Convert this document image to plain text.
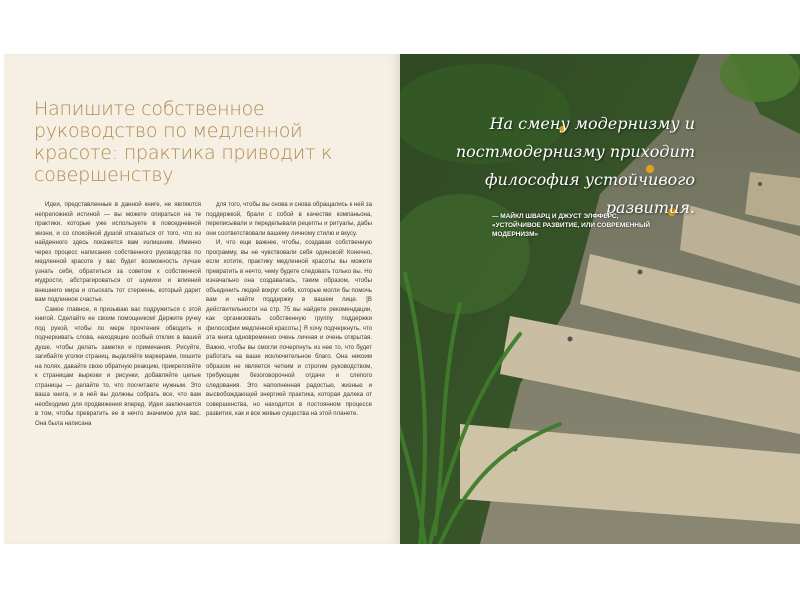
Напишите собственное руководство по медленной красоте: практика приводит к совершенству

Идеи, представленные в данной книге, не являются непреложной истиной — вы можете опираться на те практики, которые уже используете в повседневной жизни, и со спокойной душой отказаться от того, что из найденного здесь покажется вам излишним. Именно через процесс написания собственного руководства по медленной красоте у вас будет возможность лучше узнать себя, обратиться за советом к собственной мудрости, абстрагироваться от шумихи и влияний внешнего мира и отыскать тот стержень, который дарит вам подлинное счастье.

Самое главное, я призываю вас подружиться с этой книгой. Сделайте ее своим помощником! Держите ручку под рукой, чтобы по мере прочтения обводить и подчеркивать слова, находящие особый отклик в вашей душе, чтобы делать заметки и примечания. Рисуйте, загибайте уголки страниц, выделяйте маркерами, пишите на полях, давайте свою обратную реакцию, прикрепляйте к страницам вырезки и рисунки, добавляйте целые страницы — делайте то, что посчитаете нужным. Это ваша книга, и в ней вы должны собрать все, что вам необходимо для продвижения вперед. Идея заключается в том, чтобы превратить ее в нечто значимое для вас. Она была написана

для того, чтобы вы снова и снова обращались к ней за поддержкой, брали с собой в качестве компаньона, переписывали и переделывали рецепты и ритуалы, дабы они соответствовали вашему личному стилю и вкусу.

И, что еще важнее, чтобы, создавая собственную программу, вы не чувствовали себя одинокой! Конечно, если хотите, практику медленной красоты вы можете превратить в нечто, чему будете следовать только вы. Но изначально она создавалась, таким образом, чтобы объединить людей вокруг себя, которые могли бы помочь вам и найти поддержку в вашем лице. [В действительности на стр. 75 вы найдете рекомендации, как организовать собственную группу поддержки философии медленной красоты.] Я хочу подчеркнуть, что эта книга одновременно очень личная и очень открытая. Важно, чтобы вы смогли почерпнуть из нее то, что будет работать на ваше исключительное благо. Она никоим образом не является четким и строгим руководством, требующим безоговорочной отдачи и слепого следования. Это наполненная радостью, жизнью и высвобождающей энергией практика, которая далека от совершенства, но находится в постоянном процессе развития, как и все живые существа на этой планете.

На смену модернизму и постмодернизму приходит философия устойчивого развития.
— МАЙКЛ ШВАРЦ И ДЖУСТ ЭЛФФЕРС, «УСТОЙЧИВОЕ РАЗВИТИЕ, ИЛИ СОВРЕМЕННЫЙ МОДЕРНИЗМ»
